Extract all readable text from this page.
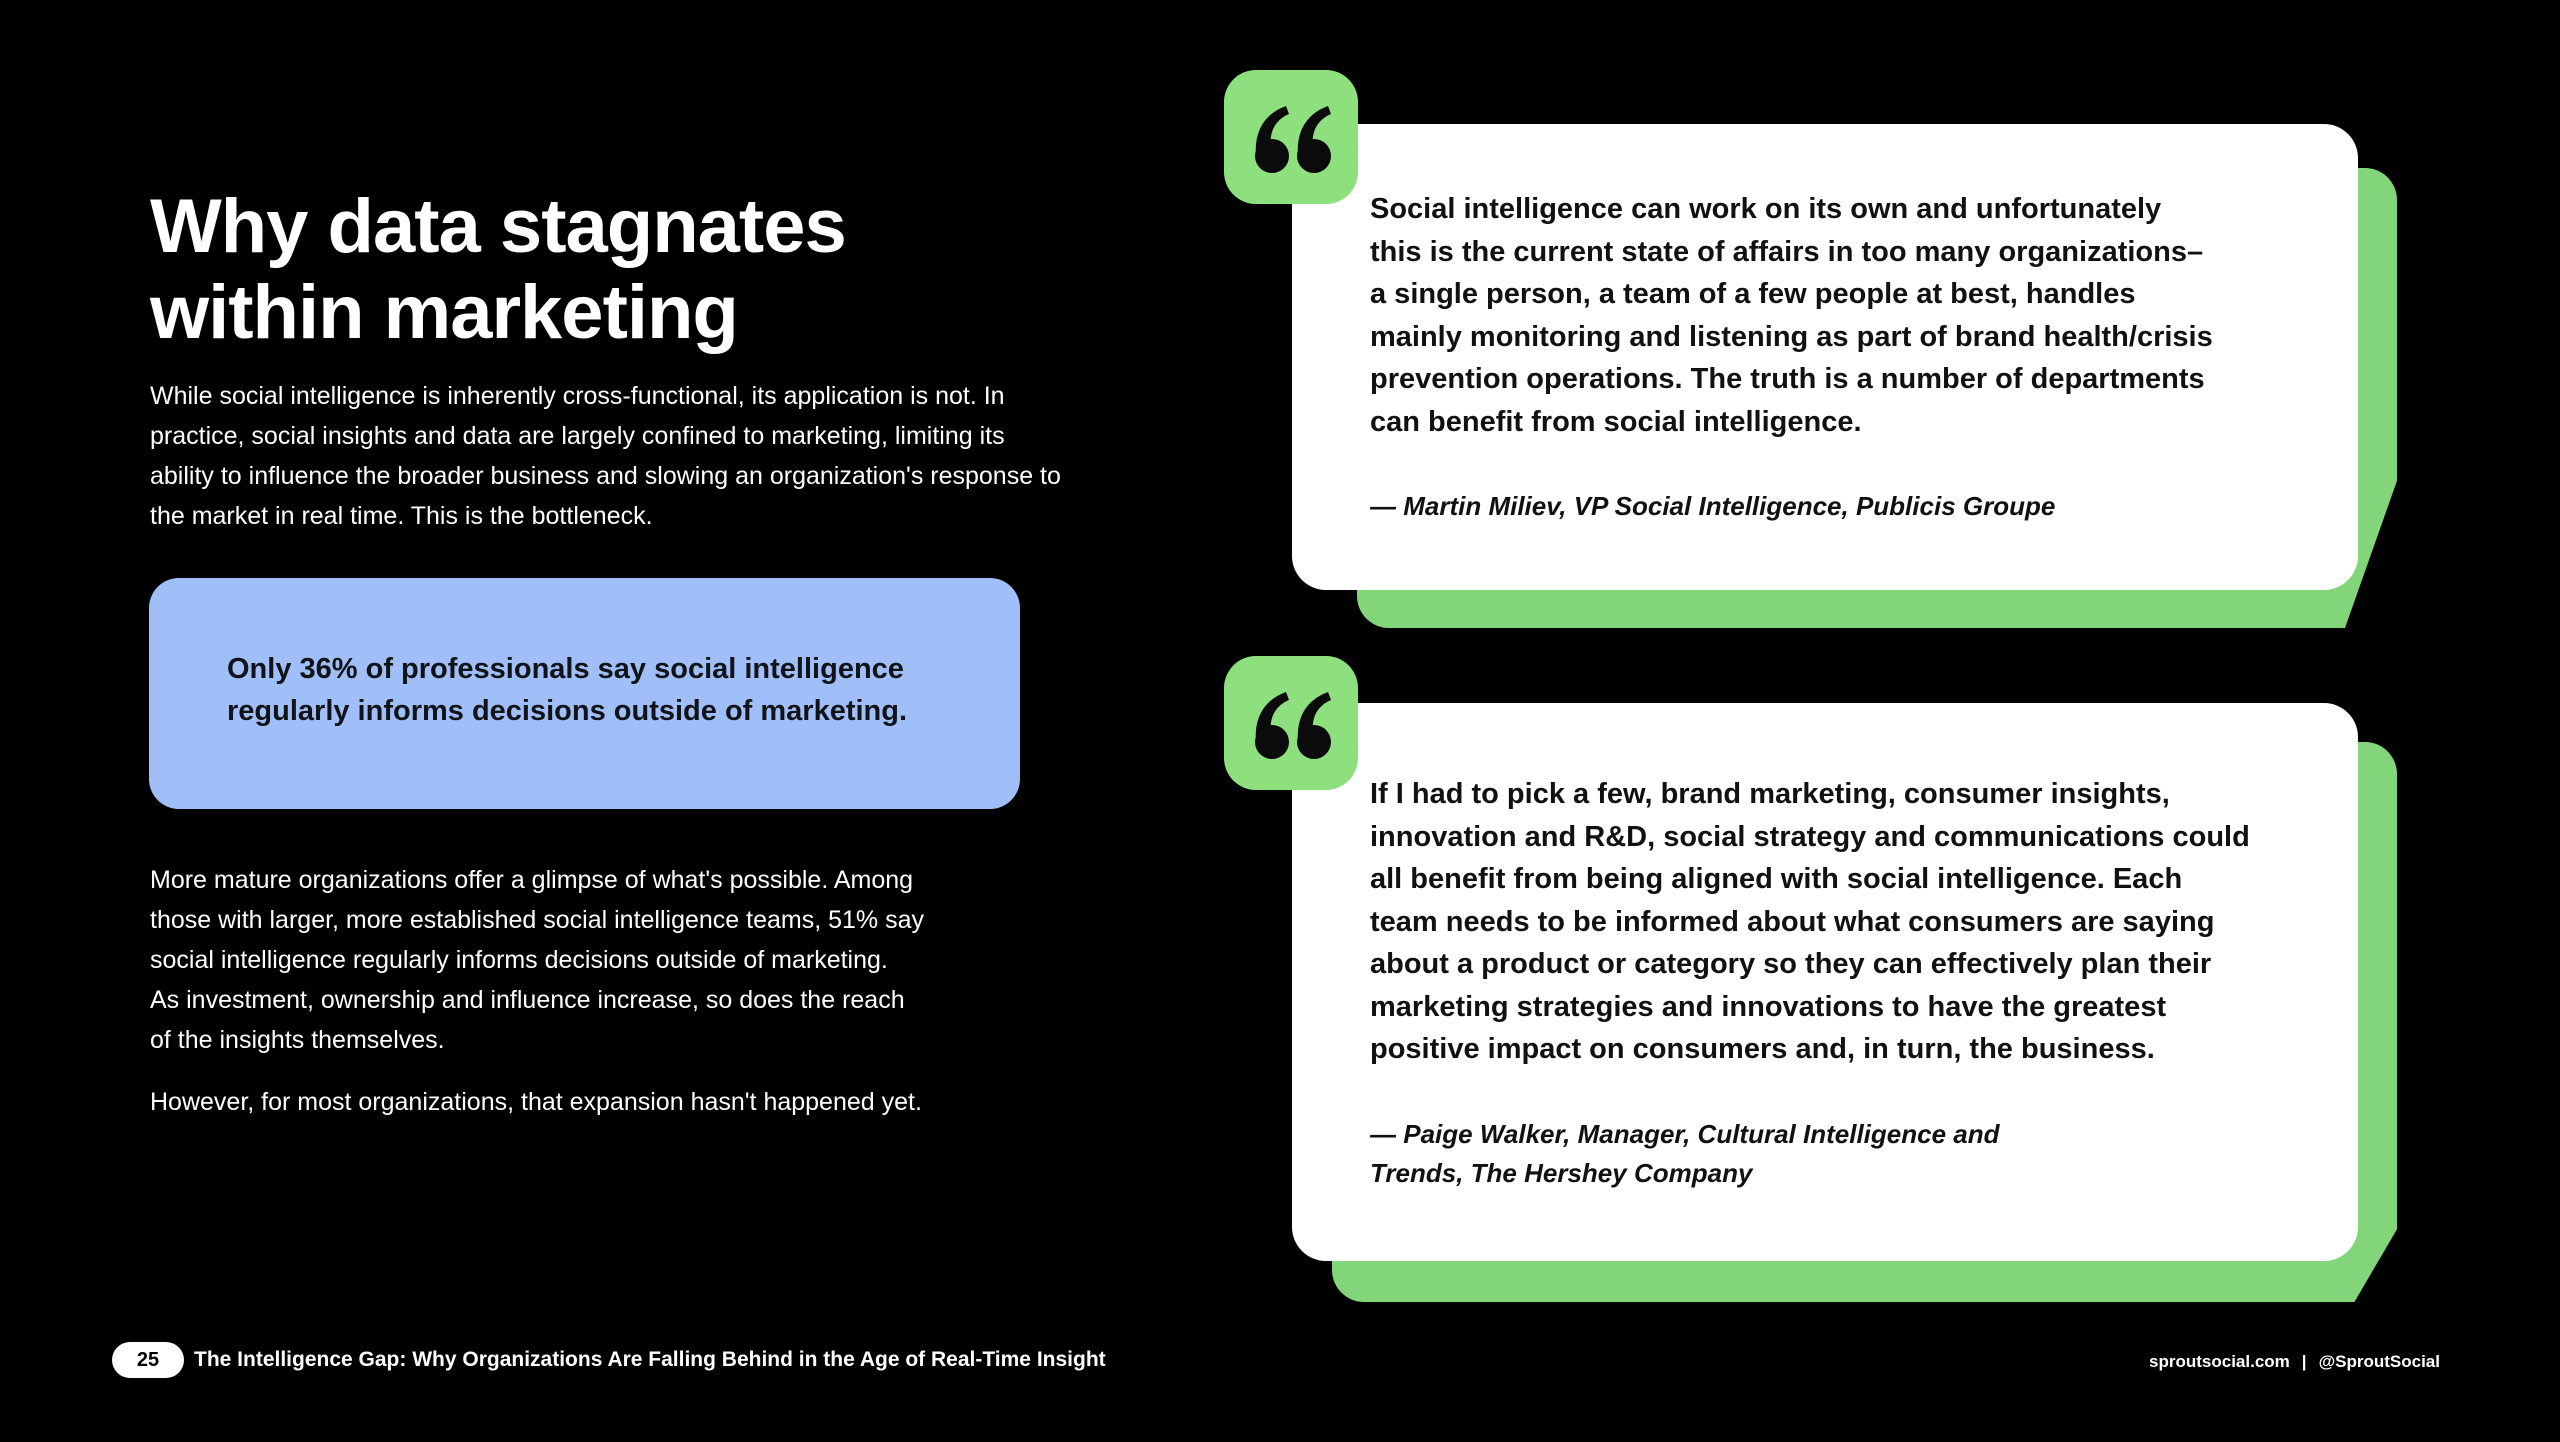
Why data stagnates
within marketing

While social intelligence is inherently cross-functional, its application is not. In practice, social insights and data are largely confined to marketing, limiting its ability to influence the broader business and slowing an organization's response to the market in real time. This is the bottleneck.

Only 36% of professionals say social intelligence
regularly informs decisions outside of marketing.

More mature organizations offer a glimpse of what's possible. Among
those with larger, more established social intelligence teams, 51% say
social intelligence regularly informs decisions outside of marketing.
As investment, ownership and influence increase, so does the reach
of the insights themselves.

However, for most organizations, that expansion hasn't happened yet.

Social intelligence can work on its own and unfortunately
this is the current state of affairs in too many organizations–
a single person, a team of a few people at best, handles
mainly monitoring and listening as part of brand health/crisis
prevention operations. The truth is a number of departments
can benefit from social intelligence.

— Martin Miliev, VP Social Intelligence, Publicis Groupe

If I had to pick a few, brand marketing, consumer insights,
innovation and R&D, social strategy and communications could
all benefit from being aligned with social intelligence. Each
team needs to be informed about what consumers are saying
about a product or category so they can effectively plan their
marketing strategies and innovations to have the greatest
positive impact on consumers and, in turn, the business.

— Paige Walker, Manager, Cultural Intelligence and
Trends, The Hershey Company

25	The Intelligence Gap: Why Organizations Are Falling Behind in the Age of Real-Time Insight	sproutsocial.com | @SproutSocial
